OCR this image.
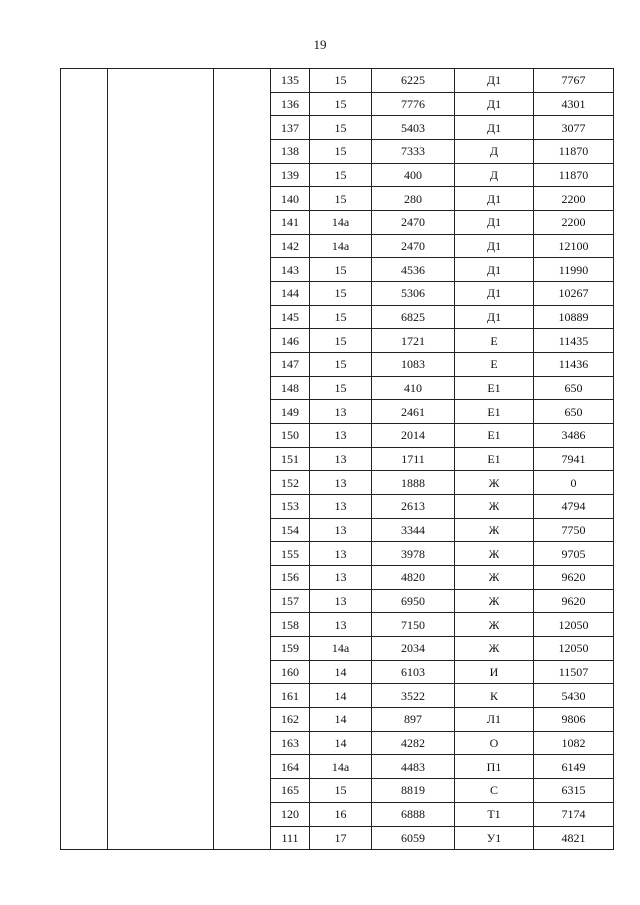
19
			135	15	6225	Д1	7767
			136	15	7776	Д1	4301
			137	15	5403	Д1	3077
			138	15	7333	Д	11870
			139	15	400	Д	11870
			140	15	280	Д1	2200
			141	14а	2470	Д1	2200
			142	14а	2470	Д1	12100
			143	15	4536	Д1	11990
			144	15	5306	Д1	10267
			145	15	6825	Д1	10889
			146	15	1721	Е	11435
			147	15	1083	Е	11436
			148	15	410	Е1	650
			149	13	2461	Е1	650
			150	13	2014	Е1	3486
			151	13	1711	Е1	7941
			152	13	1888	Ж	0
			153	13	2613	Ж	4794
			154	13	3344	Ж	7750
			155	13	3978	Ж	9705
			156	13	4820	Ж	9620
			157	13	6950	Ж	9620
			158	13	7150	Ж	12050
			159	14а	2034	Ж	12050
			160	14	6103	И	11507
			161	14	3522	К	5430
			162	14	897	Л1	9806
			163	14	4282	О	1082
			164	14а	4483	П1	6149
			165	15	8819	С	6315
			120	16	6888	Т1	7174
			111	17	6059	У1	4821
